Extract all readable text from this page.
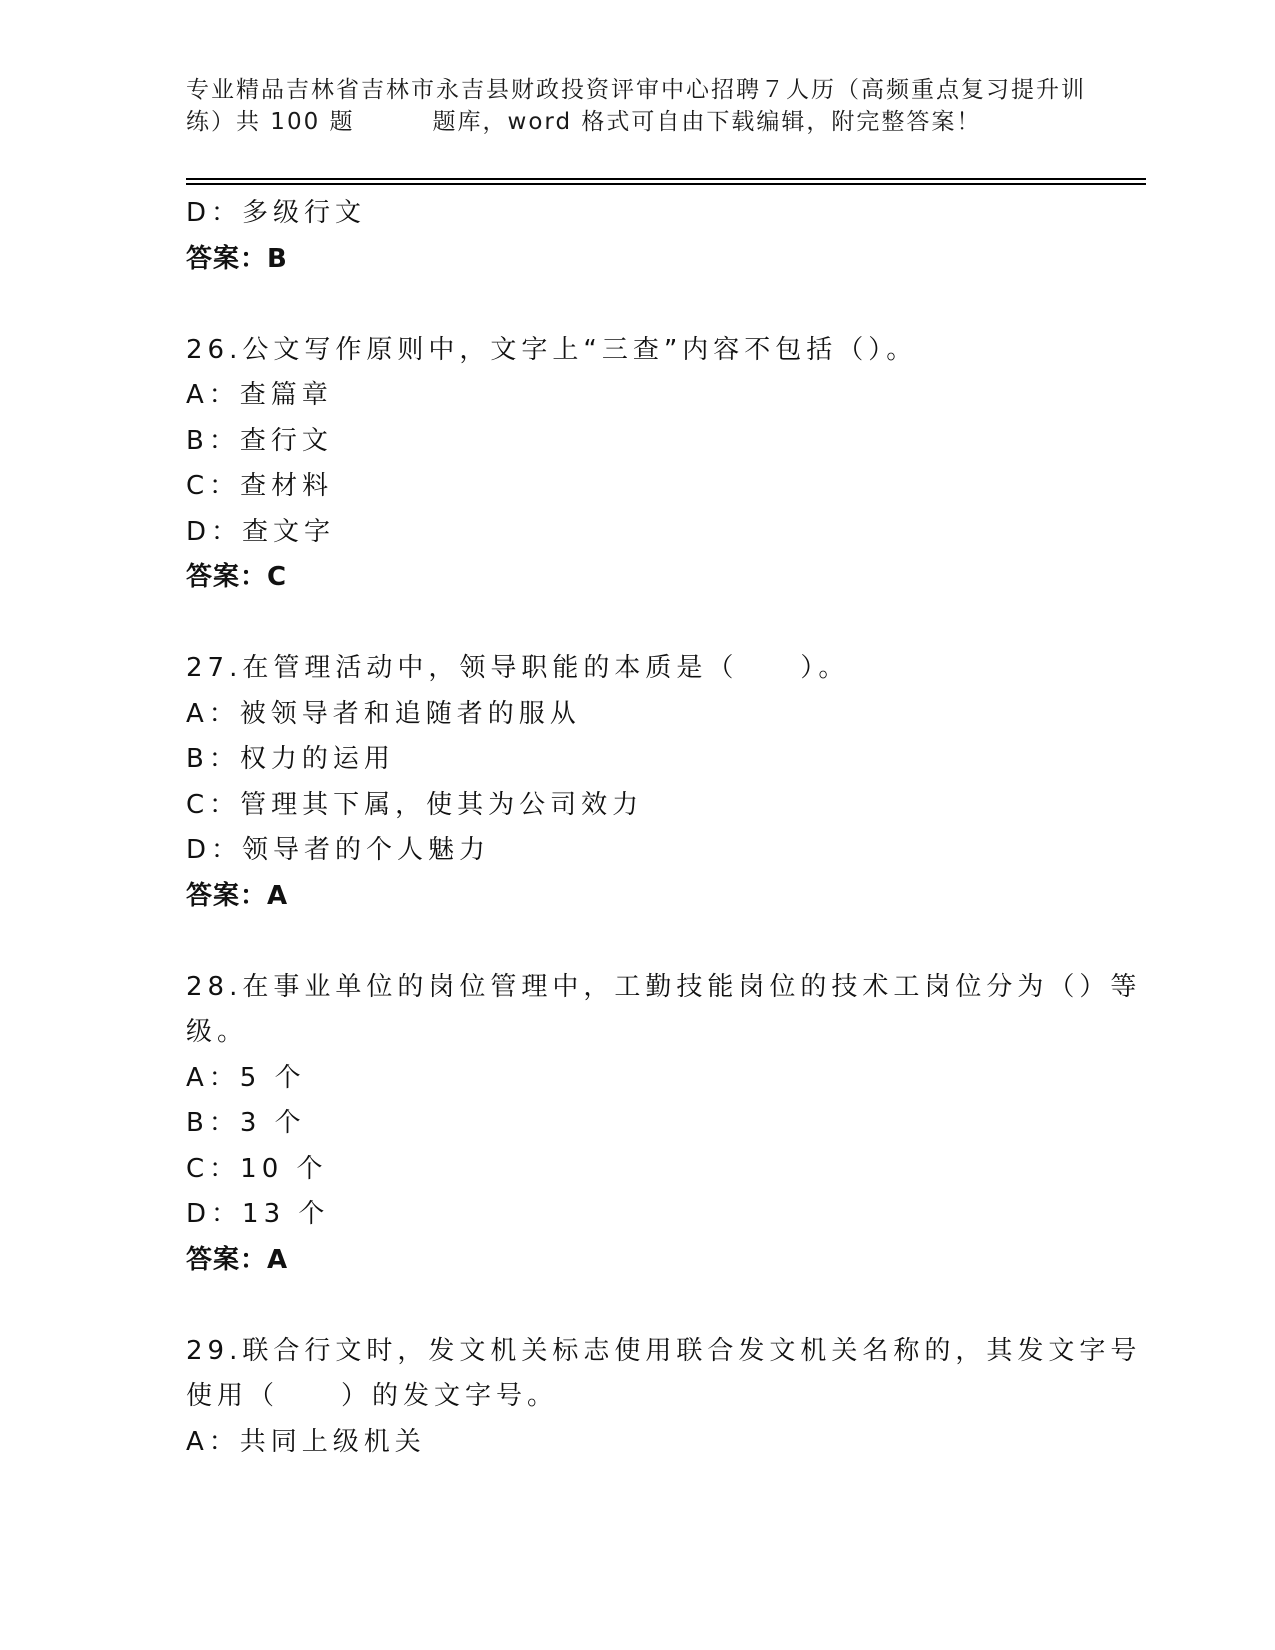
专业精品吉林省吉林市永吉县财政投资评审中心招聘７人历（高频重点复习提升训
练）共 100 题	题库，word 格式可自由下载编辑，附完整答案！
D：多级行文
答案：B
26.公文写作原则中，文字上“三查”内容不包括（）。
A：查篇章
B：查行文
C：查材料
D：查文字
答案：C
27.在管理活动中，领导职能的本质是（　　）。
A：被领导者和追随者的服从
B：权力的运用
C：管理其下属，使其为公司效力
D：领导者的个人魅力
答案：A
28.在事业单位的岗位管理中，工勤技能岗位的技术工岗位分为（）等
级。
A：5 个
B：3 个
C：10 个
D：13 个
答案：A
29.联合行文时，发文机关标志使用联合发文机关名称的，其发文字号
使用（　　）的发文字号。
A：共同上级机关
